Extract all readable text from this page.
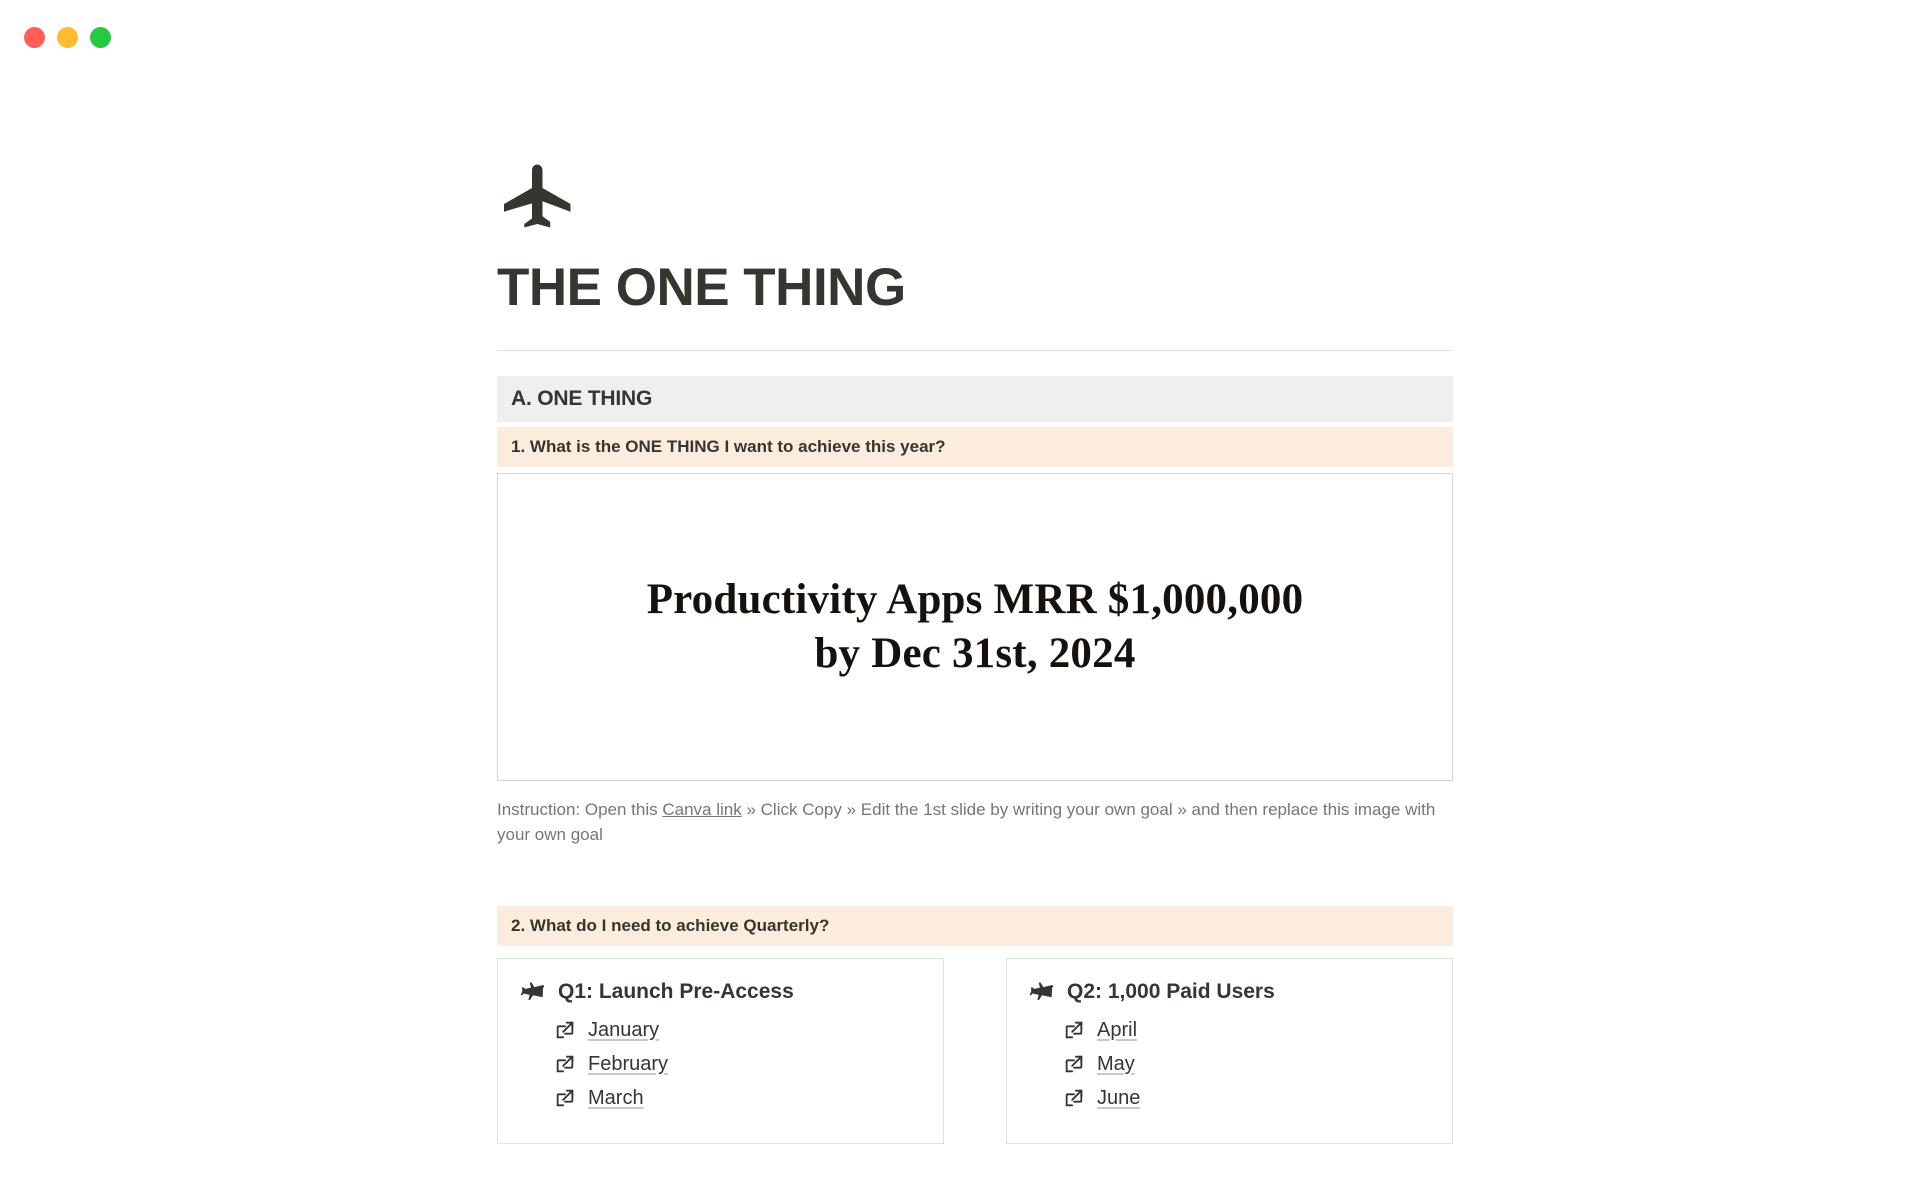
THE ONE THING
A. ONE THING
1. What is the ONE THING I want to achieve this year?
Productivity Apps MRR $1,000,000
by Dec 31st, 2024

Instruction: Open this Canva link » Click Copy » Edit the 1st slide by writing your own goal » and then replace this image with your own goal

2. What do I need to achieve Quarterly?
Q1: Launch Pre-Access
January
February
March
Q2: 1,000 Paid Users
April
May
June
